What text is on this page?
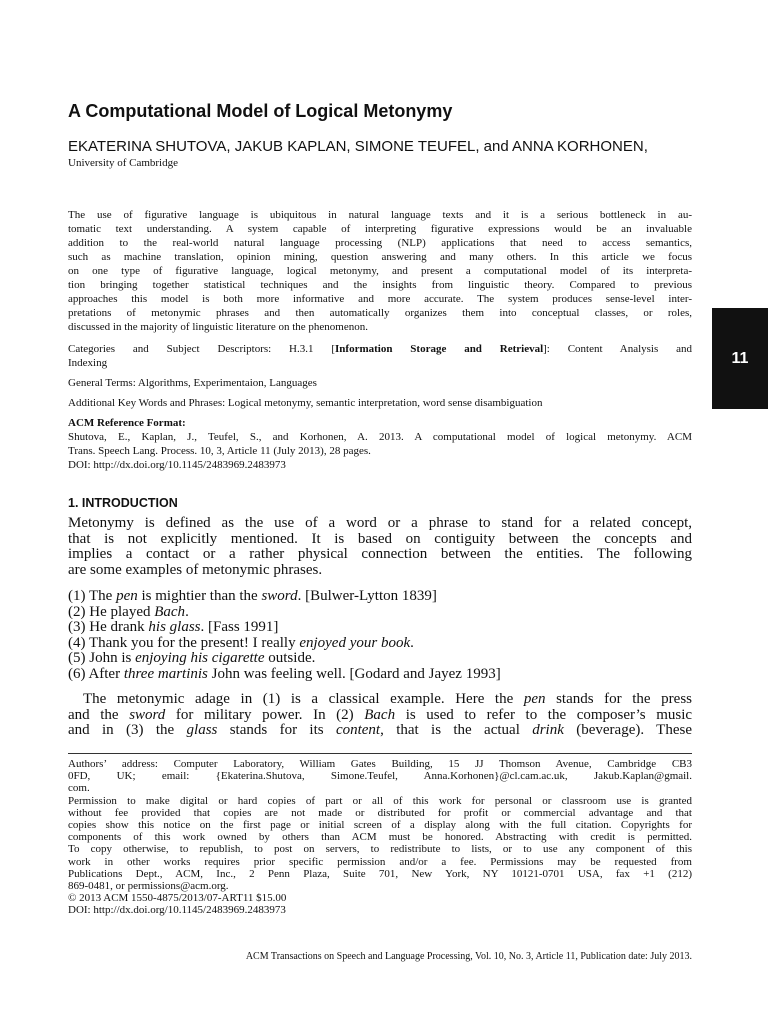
A Computational Model of Logical Metonymy
EKATERINA SHUTOVA, JAKUB KAPLAN, SIMONE TEUFEL, and ANNA KORHONEN,
University of Cambridge
The use of figurative language is ubiquitous in natural language texts and it is a serious bottleneck in au-
tomatic text understanding. A system capable of interpreting figurative expressions would be an invaluable
addition to the real-world natural language processing (NLP) applications that need to access semantics,
such as machine translation, opinion mining, question answering and many others. In this article we focus
on one type of figurative language, logical metonymy, and present a computational model of its interpreta-
tion bringing together statistical techniques and the insights from linguistic theory. Compared to previous
approaches this model is both more informative and more accurate. The system produces sense-level inter-
pretations of metonymic phrases and then automatically organizes them into conceptual classes, or roles,
discussed in the majority of linguistic literature on the phenomenon.
Categories and Subject Descriptors: H.3.1 [Information Storage and Retrieval]: Content Analysis and
Indexing
General Terms: Algorithms, Experimentaion, Languages
Additional Key Words and Phrases: Logical metonymy, semantic interpretation, word sense disambiguation
ACM Reference Format:

Shutova, E., Kaplan, J., Teufel, S., and Korhonen, A. 2013. A computational model of logical metonymy. ACM
Trans. Speech Lang. Process. 10, 3, Article 11 (July 2013), 28 pages.
DOI: http://dx.doi.org/10.1145/2483969.2483973
11
1. INTRODUCTION
Metonymy is defined as the use of a word or a phrase to stand for a related concept,
that is not explicitly mentioned. It is based on contiguity between the concepts and
implies a contact or a rather physical connection between the entities. The following
are some examples of metonymic phrases.
(1) The pen is mightier than the sword. [Bulwer-Lytton 1839]
(2) He played Bach.
(3) He drank his glass. [Fass 1991]
(4) Thank you for the present! I really enjoyed your book.
(5) John is enjoying his cigarette outside.
(6) After three martinis John was feeling well. [Godard and Jayez 1993]
The metonymic adage in (1) is a classical example. Here the pen stands for the press
and the sword for military power. In (2) Bach is used to refer to the composer’s music
and in (3) the glass stands for its content, that is the actual drink (beverage). These
Authors’ address: Computer Laboratory, William Gates Building, 15 JJ Thomson Avenue, Cambridge CB3
0FD, UK; email: {Ekaterina.Shutova, Simone.Teufel, Anna.Korhonen}@cl.cam.ac.uk, Jakub.Kaplan@gmail.
com.
Permission to make digital or hard copies of part or all of this work for personal or classroom use is granted
without fee provided that copies are not made or distributed for profit or commercial advantage and that
copies show this notice on the first page or initial screen of a display along with the full citation. Copyrights for
components of this work owned by others than ACM must be honored. Abstracting with credit is permitted.
To copy otherwise, to republish, to post on servers, to redistribute to lists, or to use any component of this
work in other works requires prior specific permission and/or a fee. Permissions may be requested from
Publications Dept., ACM, Inc., 2 Penn Plaza, Suite 701, New York, NY 10121-0701 USA, fax +1 (212)
869-0481, or permissions@acm.org.
© 2013 ACM 1550-4875/2013/07-ART11 $15.00
DOI: http://dx.doi.org/10.1145/2483969.2483973
ACM Transactions on Speech and Language Processing, Vol. 10, No. 3, Article 11, Publication date: July 2013.
